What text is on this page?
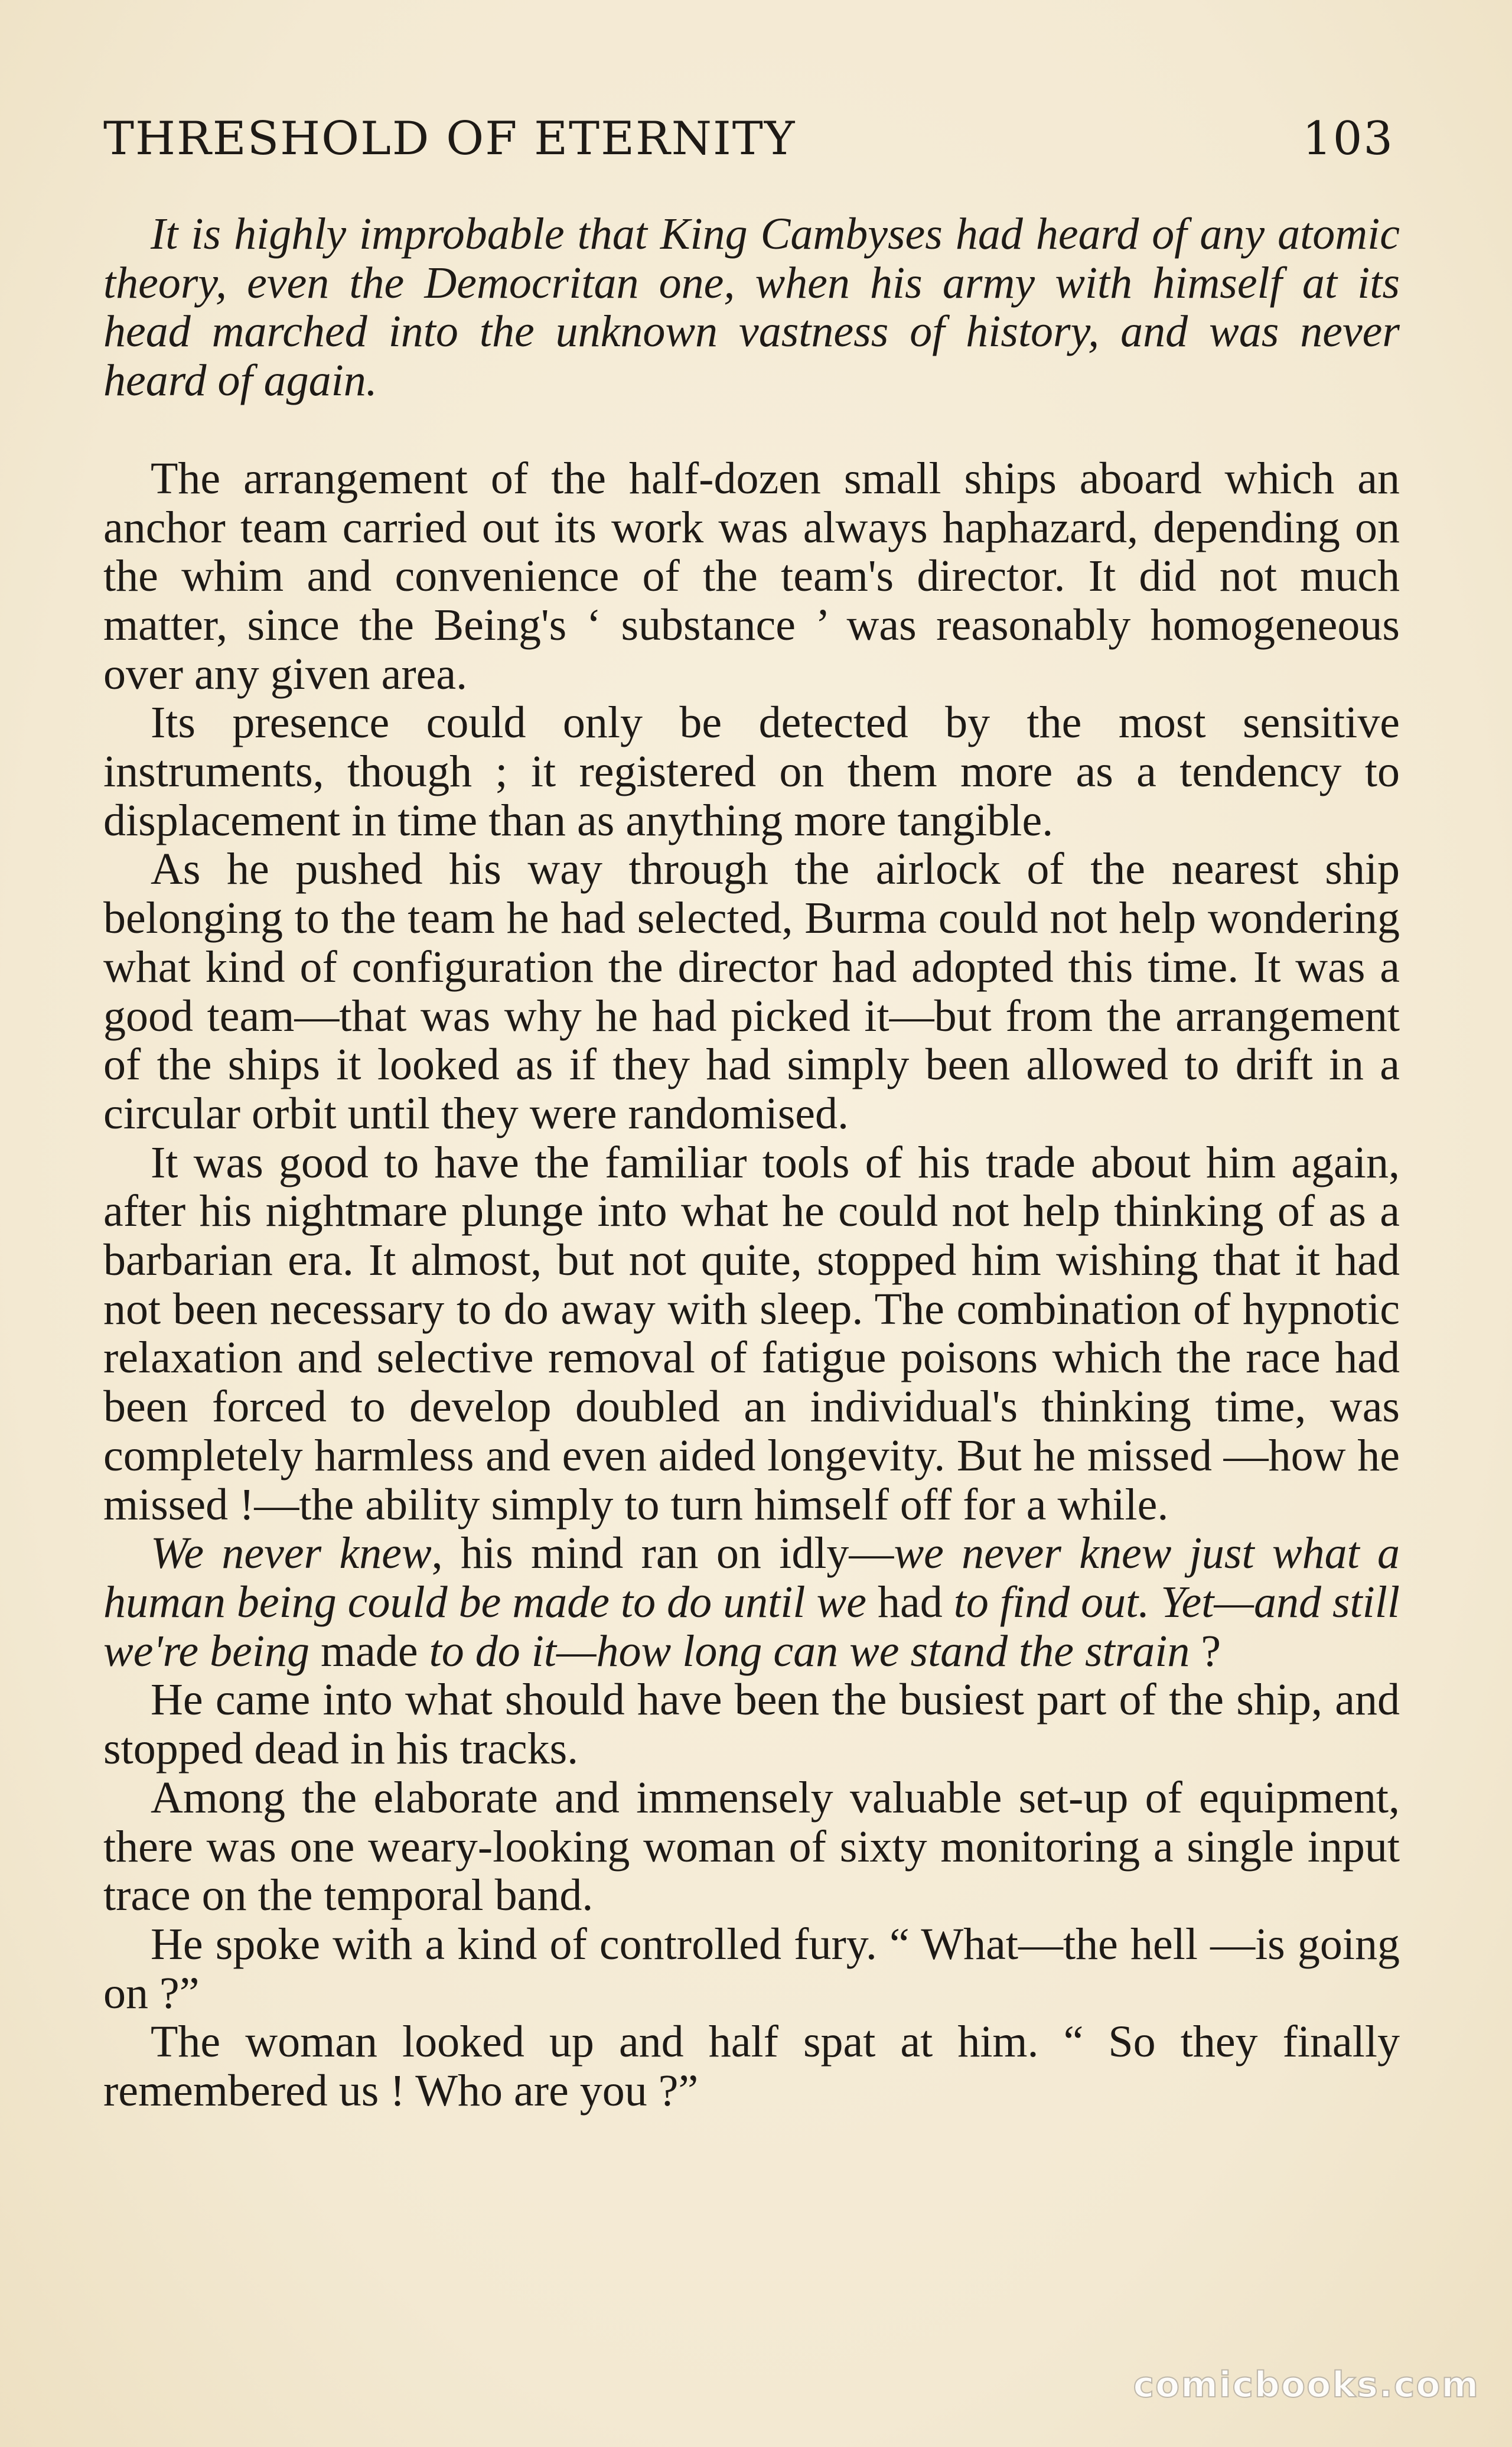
THRESHOLD OF ETERNITY	103

It is highly improbable that King Cambyses had heard of any atomic theory, even the Democritan one, when his army with himself at its head marched into the unknown vastness of history, and was never heard of again.

The arrangement of the half-dozen small ships aboard which an anchor team carried out its work was always haphazard, depending on the whim and convenience of the team's director. It did not much matter, since the Being's ‘ substance ’ was reasonably homogeneous over any given area.

Its presence could only be detected by the most sensitive instruments, though ; it registered on them more as a tendency to displacement in time than as anything more tangible.

As he pushed his way through the airlock of the nearest ship belonging to the team he had selected, Burma could not help wondering what kind of configuration the director had adopted this time. It was a good team—that was why he had picked it—but from the arrangement of the ships it looked as if they had simply been allowed to drift in a circular orbit until they were randomised.

It was good to have the familiar tools of his trade about him again, after his nightmare plunge into what he could not help thinking of as a barbarian era. It almost, but not quite, stopped him wishing that it had not been necessary to do away with sleep. The combination of hypnotic relaxation and selective removal of fatigue poisons which the race had been forced to develop doubled an individual's thinking time, was completely harmless and even aided longevity. But he missed —how he missed !—the ability simply to turn himself off for a while.

We never knew, his mind ran on idly—we never knew just what a human being could be made to do until we had to find out. Yet—and still we're being made to do it—how long can we stand the strain ?

He came into what should have been the busiest part of the ship, and stopped dead in his tracks.

Among the elaborate and immensely valuable set-up of equipment, there was one weary-looking woman of sixty monitoring a single input trace on the temporal band.

He spoke with a kind of controlled fury. “ What—the hell —is going on ?”

The woman looked up and half spat at him. “ So they finally remembered us ! Who are you ?”

comicbooks.com
